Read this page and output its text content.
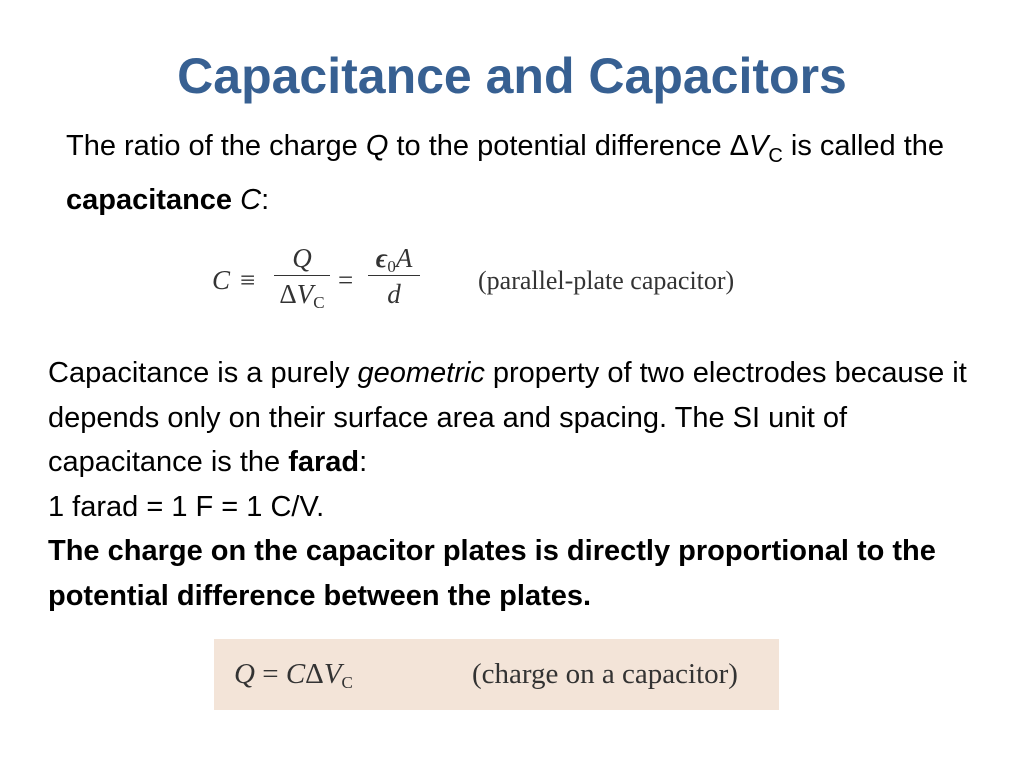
Capacitance and Capacitors
The ratio of the charge Q to the potential difference $\Delta V_C$ is called the capacitance C:
C ≡
Q
$\Delta V_C$
=
$\epsilon_0A$
d	(parallel-plate capacitor)
Capacitance is a purely geometric property of two electrodes because it depends only on their surface area and spacing. The SI unit of capacitance is the farad:
1 farad = 1 F = 1 C/V.
The charge on the capacitor plates is directly proportional to the potential difference between the plates.
$Q = C\Delta V_C$	(charge on a capacitor)
